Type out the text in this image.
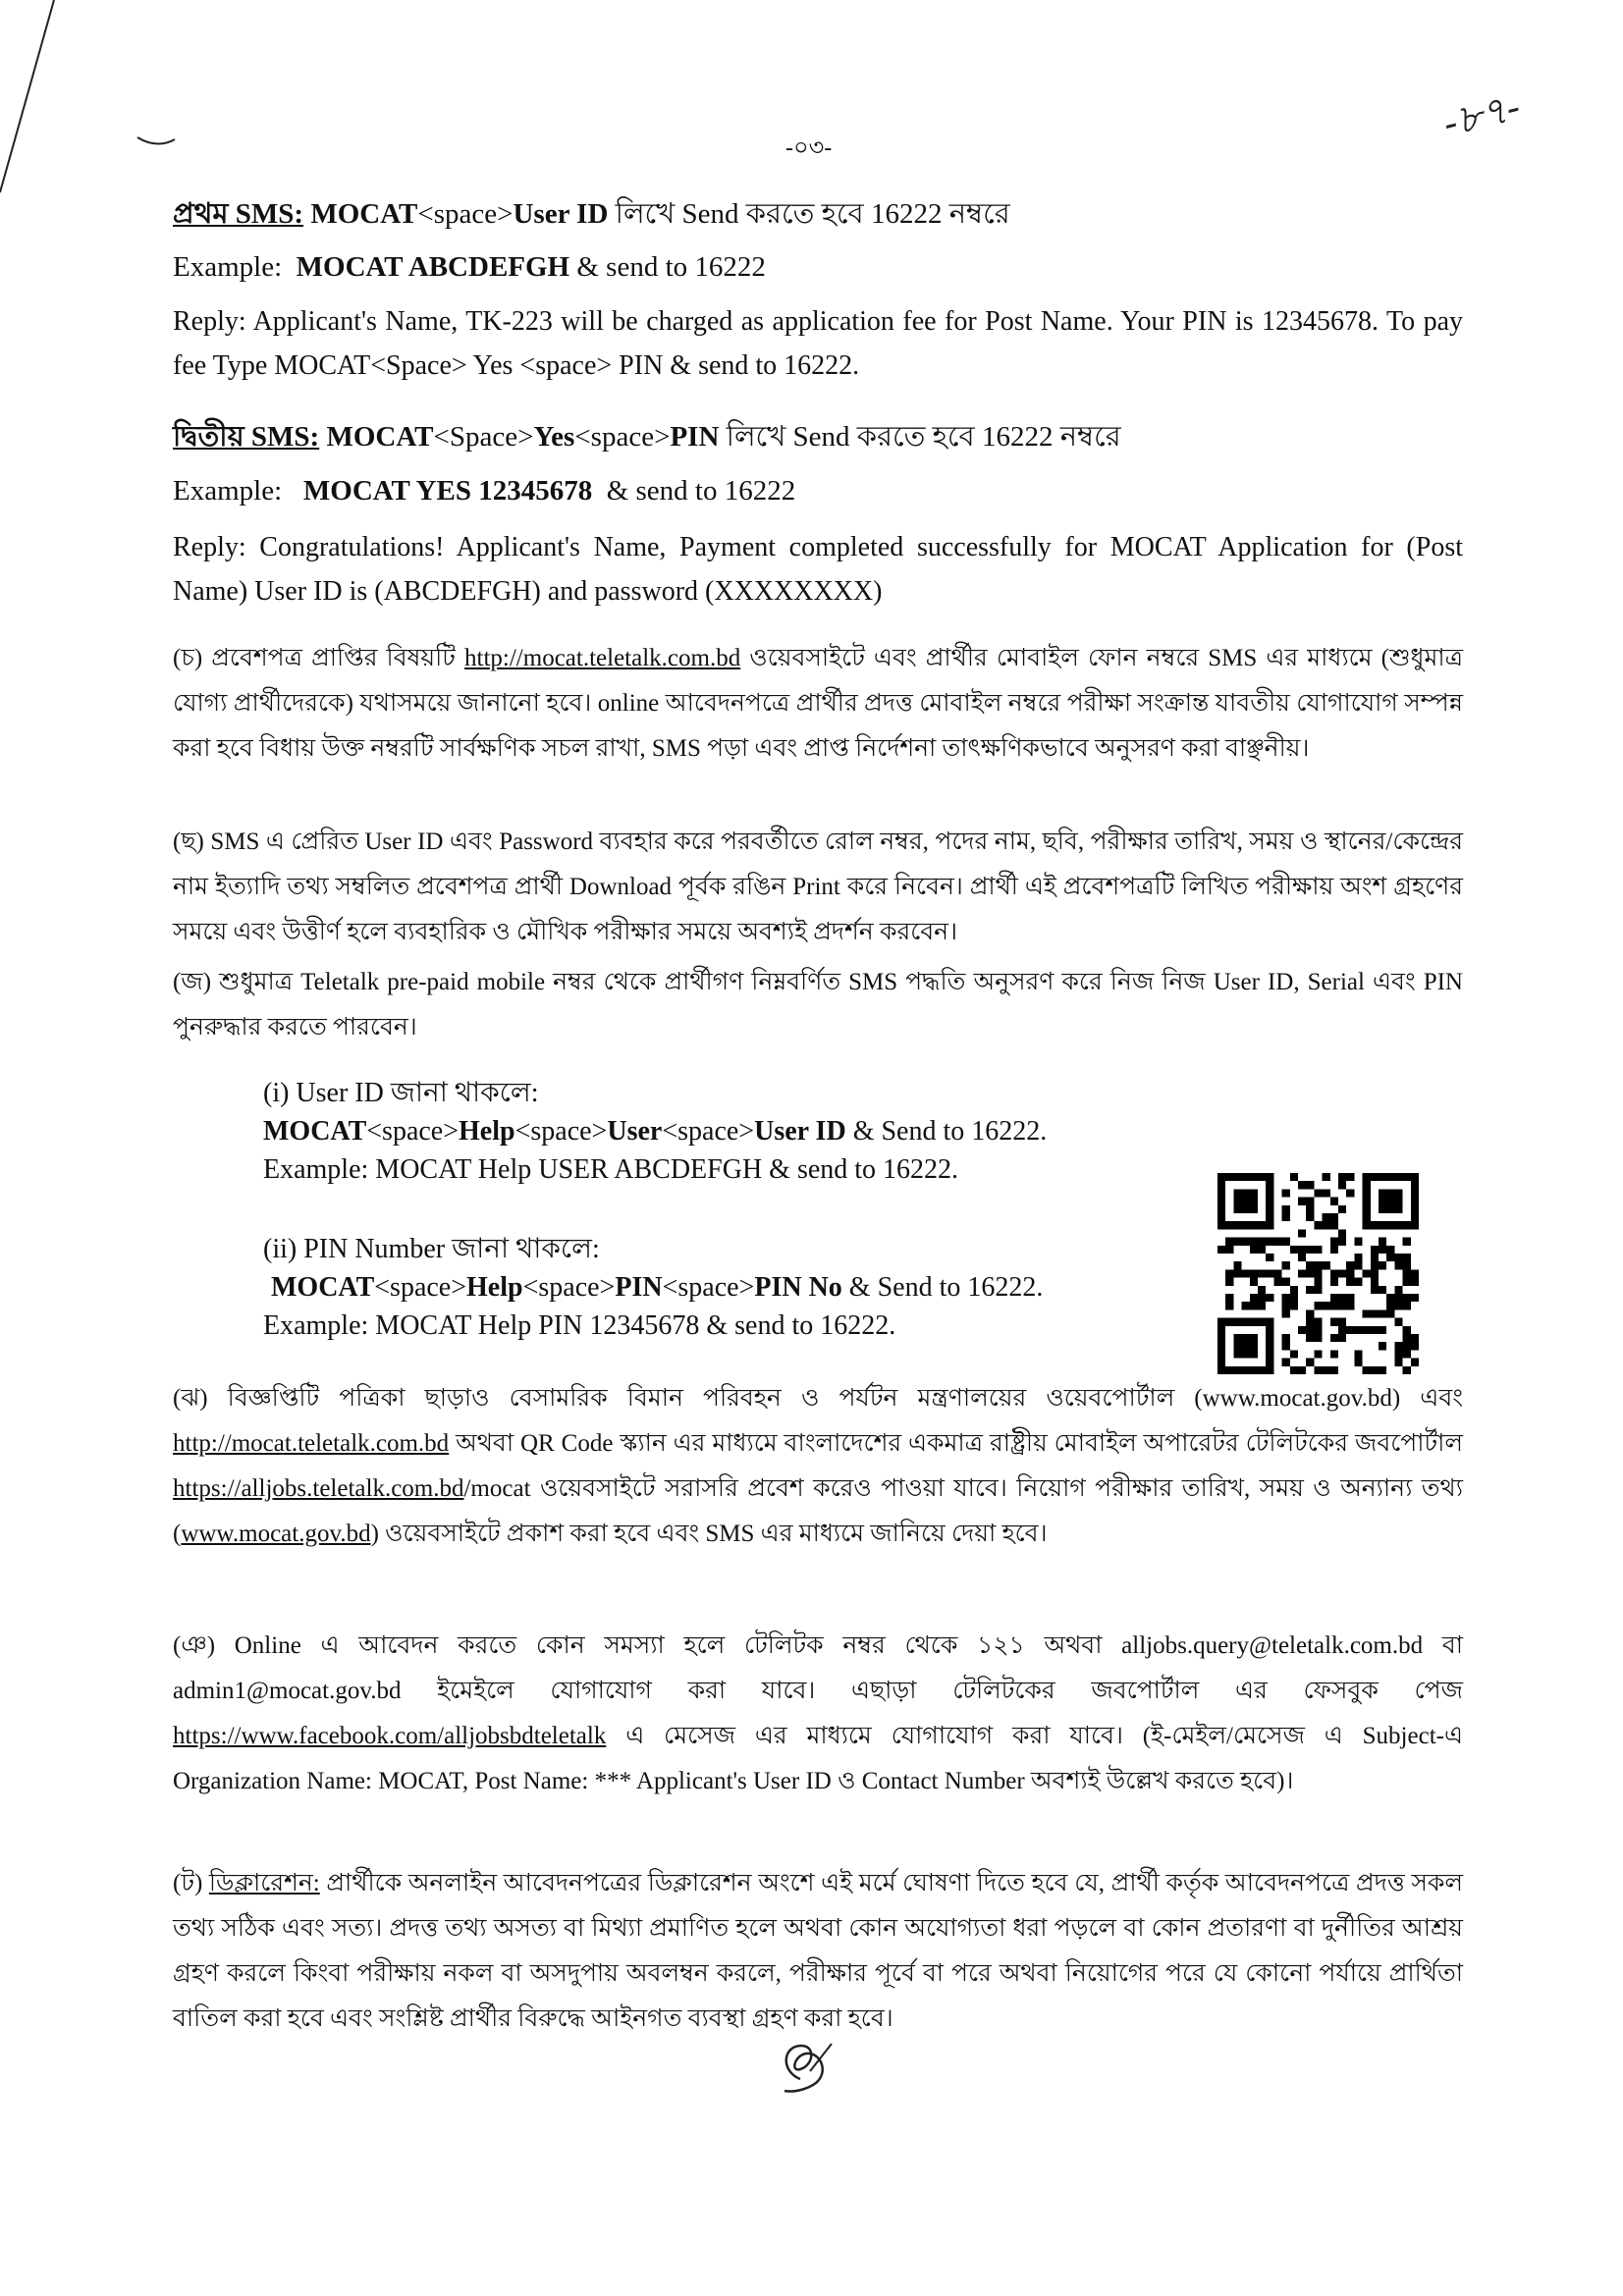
-০৩-
-৮৭-
প্রথম SMS: MOCAT<space>User ID লিখে Send করতে হবে 16222 নম্বরে
Example: MOCAT ABCDEFGH & send to 16222
Reply: Applicant's Name, TK-223 will be charged as application fee for Post Name. Your PIN is 12345678. To pay fee Type MOCAT<Space> Yes <space> PIN & send to 16222.
দ্বিতীয় SMS: MOCAT<Space>Yes<space>PIN লিখে Send করতে হবে 16222 নম্বরে
Example: MOCAT YES 12345678 & send to 16222
Reply: Congratulations! Applicant's Name, Payment completed successfully for MOCAT Application for (Post Name) User ID is (ABCDEFGH) and password (XXXXXXXX)
(চ) প্রবেশপত্র প্রাপ্তির বিষয়টি http://mocat.teletalk.com.bd ওয়েবসাইটে এবং প্রার্থীর মোবাইল ফোন নম্বরে SMS এর মাধ্যমে (শুধুমাত্র যোগ্য প্রার্থীদেরকে) যথাসময়ে জানানো হবে। online আবেদনপত্রে প্রার্থীর প্রদত্ত মোবাইল নম্বরে পরীক্ষা সংক্রান্ত যাবতীয় যোগাযোগ সম্পন্ন করা হবে বিধায় উক্ত নম্বরটি সার্বক্ষণিক সচল রাখা, SMS পড়া এবং প্রাপ্ত নির্দেশনা তাৎক্ষণিকভাবে অনুসরণ করা বাঞ্ছনীয়।
(ছ) SMS এ প্রেরিত User ID এবং Password ব্যবহার করে পরবর্তীতে রোল নম্বর, পদের নাম, ছবি, পরীক্ষার তারিখ, সময় ও স্থানের/কেন্দ্রের নাম ইত্যাদি তথ্য সম্বলিত প্রবেশপত্র প্রার্থী Download পূর্বক রঙিন Print করে নিবেন। প্রার্থী এই প্রবেশপত্রটি লিখিত পরীক্ষায় অংশ গ্রহণের সময়ে এবং উত্তীর্ণ হলে ব্যবহারিক ও মৌখিক পরীক্ষার সময়ে অবশ্যই প্রদর্শন করবেন।
(জ) শুধুমাত্র Teletalk pre-paid mobile নম্বর থেকে প্রার্থীগণ নিম্নবর্ণিত SMS পদ্ধতি অনুসরণ করে নিজ নিজ User ID, Serial এবং PIN পুনরুদ্ধার করতে পারবেন।
(i) User ID জানা থাকলে:
MOCAT<space>Help<space>User<space>User ID & Send to 16222.
Example: MOCAT Help USER ABCDEFGH & send to 16222.
(ii) PIN Number জানা থাকলে:
MOCAT<space>Help<space>PIN<space>PIN No & Send to 16222.
Example: MOCAT Help PIN 12345678 & send to 16222.
(ঝ) বিজ্ঞপ্তিটি পত্রিকা ছাড়াও বেসামরিক বিমান পরিবহন ও পর্যটন মন্ত্রণালয়ের ওয়েবপোর্টাল (www.mocat.gov.bd) এবং http://mocat.teletalk.com.bd অথবা QR Code স্ক্যান এর মাধ্যমে বাংলাদেশের একমাত্র রাষ্ট্রীয় মোবাইল অপারেটর টেলিটকের জবপোর্টাল https://alljobs.teletalk.com.bd/mocat ওয়েবসাইটে সরাসরি প্রবেশ করেও পাওয়া যাবে। নিয়োগ পরীক্ষার তারিখ, সময় ও অন্যান্য তথ্য (www.mocat.gov.bd) ওয়েবসাইটে প্রকাশ করা হবে এবং SMS এর মাধ্যমে জানিয়ে দেয়া হবে।
(ঞ) Online এ আবেদন করতে কোন সমস্যা হলে টেলিটক নম্বর থেকে ১২১ অথবা alljobs.query@teletalk.com.bd বা admin1@mocat.gov.bd ইমেইলে যোগাযোগ করা যাবে। এছাড়া টেলিটকের জবপোর্টাল এর ফেসবুক পেজ https://www.facebook.com/alljobsbdteletalk এ মেসেজ এর মাধ্যমে যোগাযোগ করা যাবে। (ই-মেইল/মেসেজ এ Subject-এ Organization Name: MOCAT, Post Name: *** Applicant's User ID ও Contact Number অবশ্যই উল্লেখ করতে হবে)।
(ট) ডিক্লারেশন: প্রার্থীকে অনলাইন আবেদনপত্রের ডিক্লারেশন অংশে এই মর্মে ঘোষণা দিতে হবে যে, প্রার্থী কর্তৃক আবেদনপত্রে প্রদত্ত সকল তথ্য সঠিক এবং সত্য। প্রদত্ত তথ্য অসত্য বা মিথ্যা প্রমাণিত হলে অথবা কোন অযোগ্যতা ধরা পড়লে বা কোন প্রতারণা বা দুর্নীতির আশ্রয় গ্রহণ করলে কিংবা পরীক্ষায় নকল বা অসদুপায় অবলম্বন করলে, পরীক্ষার পূর্বে বা পরে অথবা নিয়োগের পরে যে কোনো পর্যায়ে প্রার্থিতা বাতিল করা হবে এবং সংশ্লিষ্ট প্রার্থীর বিরুদ্ধে আইনগত ব্যবস্থা গ্রহণ করা হবে।
